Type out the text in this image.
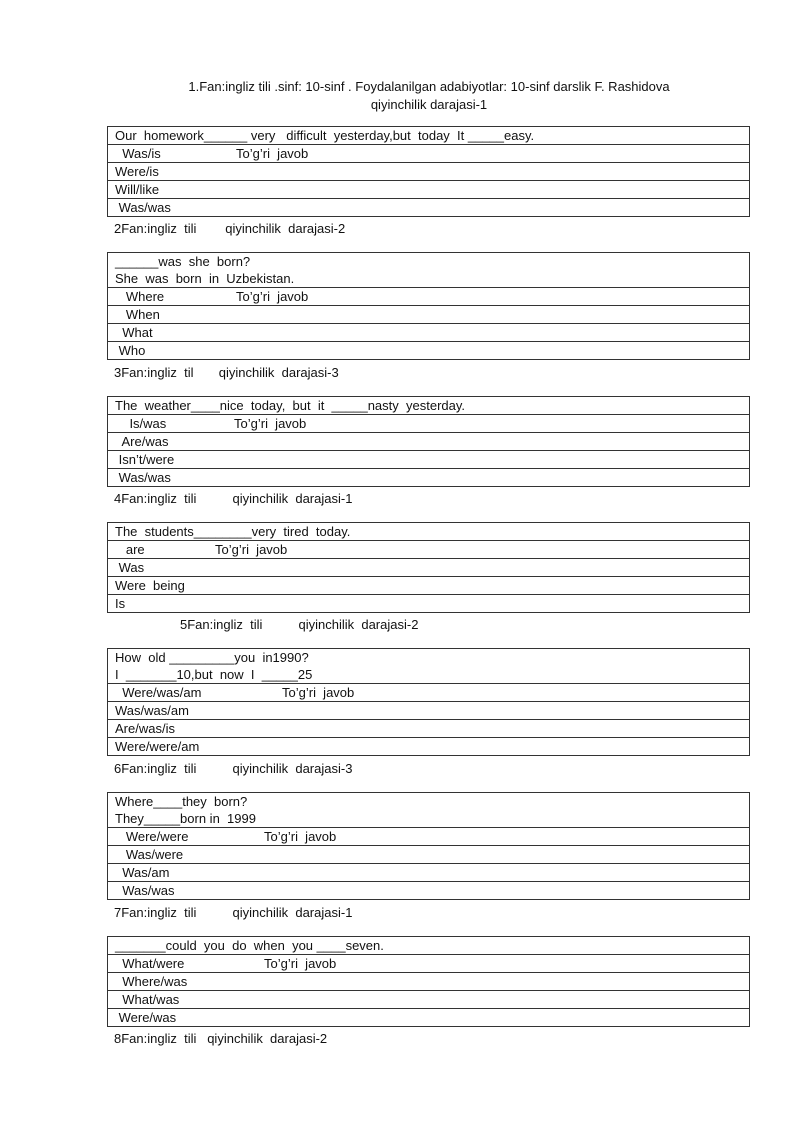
1.Fan:ingliz tili .sinf: 10-sinf . Foydalanilgan adabiyotlar: 10-sinf darslik F. Rashidova
qiyinchilik darajasi-1
Our  homework______ very   difficult  yesterday,but  today  It _____easy.
Was/is	To’g’ri  javob

Were/is
Will/like
Was/was
2Fan:ingliz  tili        qiyinchilik  darajasi-2
______was  she  born?
She  was  born  in  Uzbekistan.

Where	To’g’ri  javob

When
What
Who
3Fan:ingliz  til       qiyinchilik  darajasi-3
The  weather____nice  today,  but  it  _____nasty  yesterday.
Is/was	To’g’ri  javob

Are/was
Isn’t/were
Was/was
4Fan:ingliz  tili          qiyinchilik  darajasi-1
The  students________very  tired  today.
are	To’g’ri  javob

Was
Were  being
Is
5Fan:ingliz  tili          qiyinchilik  darajasi-2
How  old _________you  in1990?
I  _______10,but  now  I  _____25

Were/was/am	To’g’ri  javob

Was/was/am
Are/was/is
Were/were/am
6Fan:ingliz  tili          qiyinchilik  darajasi-3
Where____they  born?
They_____born in  1999

Were/were	To’g’ri  javob

Was/were
Was/am
Was/was
7Fan:ingliz  tili          qiyinchilik  darajasi-1
_______could  you  do  when  you ____seven.
What/were	To’g’ri  javob

Where/was
What/was
Were/was
8Fan:ingliz  tili   qiyinchilik  darajasi-2
